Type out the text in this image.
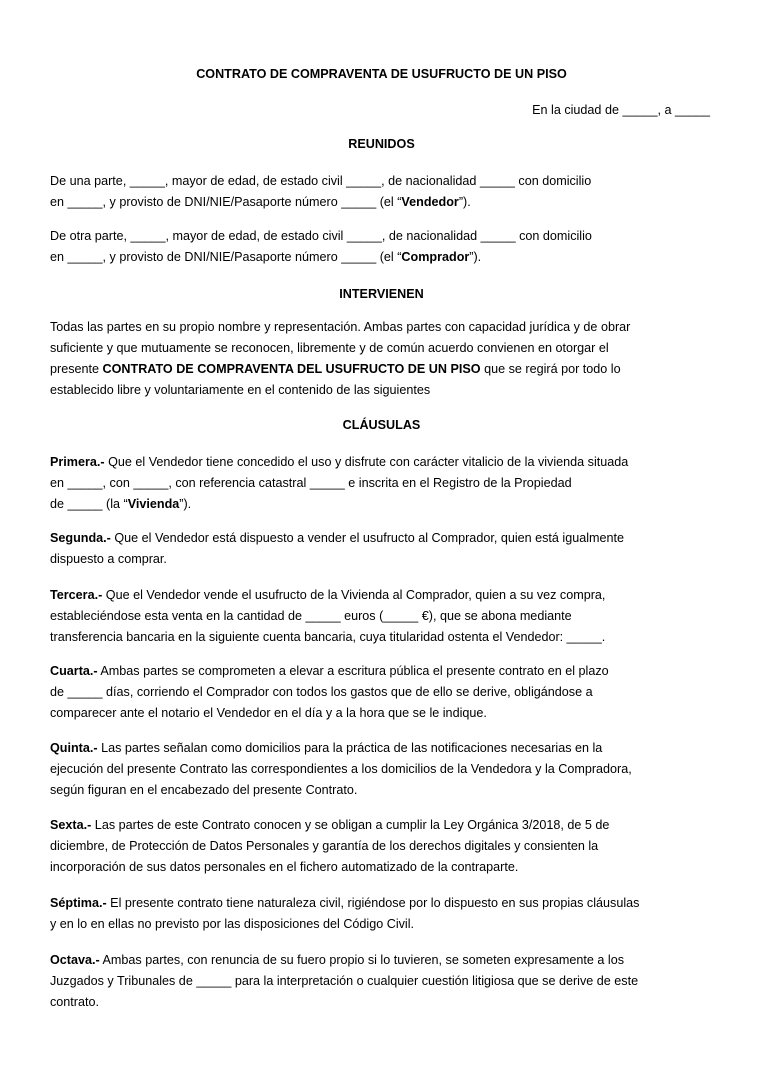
CONTRATO DE COMPRAVENTA DE USUFRUCTO DE UN PISO
En la ciudad de _____, a _____
REUNIDOS
De una parte, _____, mayor de edad, de estado civil _____, de nacionalidad _____ con domicilio
en _____, y provisto de DNI/NIE/Pasaporte número _____ (el “Vendedor”).
De otra parte, _____, mayor de edad, de estado civil _____, de nacionalidad _____ con domicilio
en _____, y provisto de DNI/NIE/Pasaporte número _____ (el “Comprador”).
INTERVIENEN
Todas las partes en su propio nombre y representación. Ambas partes con capacidad jurídica y de obrar
suficiente y que mutuamente se reconocen, libremente y de común acuerdo convienen en otorgar el
presente CONTRATO DE COMPRAVENTA DEL USUFRUCTO DE UN PISO que se regirá por todo lo
establecido libre y voluntariamente en el contenido de las siguientes
CLÁUSULAS
Primera.- Que el Vendedor tiene concedido el uso y disfrute con carácter vitalicio de la vivienda situada
en _____, con _____, con referencia catastral _____ e inscrita en el Registro de la Propiedad
de _____ (la “Vivienda”).
Segunda.- Que el Vendedor está dispuesto a vender el usufructo al Comprador, quien está igualmente
dispuesto a comprar.
Tercera.- Que el Vendedor vende el usufructo de la Vivienda al Comprador, quien a su vez compra,
estableciéndose esta venta en la cantidad de _____ euros (_____ €), que se abona mediante
transferencia bancaria en la siguiente cuenta bancaria, cuya titularidad ostenta el Vendedor: _____.
Cuarta.- Ambas partes se comprometen a elevar a escritura pública el presente contrato en el plazo
de _____ días, corriendo el Comprador con todos los gastos que de ello se derive, obligándose a
comparecer ante el notario el Vendedor en el día y a la hora que se le indique.
Quinta.- Las partes señalan como domicilios para la práctica de las notificaciones necesarias en la
ejecución del presente Contrato las correspondientes a los domicilios de la Vendedora y la Compradora,
según figuran en el encabezado del presente Contrato.
Sexta.- Las partes de este Contrato conocen y se obligan a cumplir la Ley Orgánica 3/2018, de 5 de
diciembre, de Protección de Datos Personales y garantía de los derechos digitales y consienten la
incorporación de sus datos personales en el fichero automatizado de la contraparte.
Séptima.- El presente contrato tiene naturaleza civil, rigiéndose por lo dispuesto en sus propias cláusulas
y en lo en ellas no previsto por las disposiciones del Código Civil.
Octava.- Ambas partes, con renuncia de su fuero propio si lo tuvieren, se someten expresamente a los
Juzgados y Tribunales de _____ para la interpretación o cualquier cuestión litigiosa que se derive de este
contrato.
